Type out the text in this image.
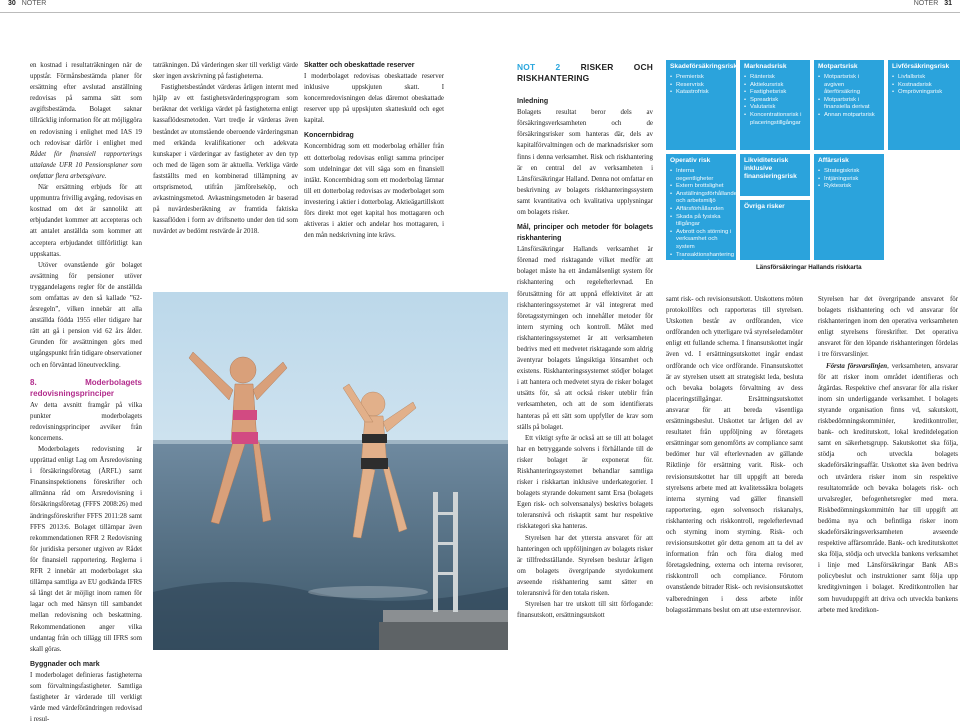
30 NOTER	NOTER 31

en kostnad i resultaträkningen när de uppstår. Förmånsbestämda planer för ersättning efter avslutad anställning redovisas på samma sätt som avgiftsbestämda. Bolaget saknar tillräcklig information för att möjliggöra en redovisning i enlighet med IAS 19 och redovisar därför i enlighet med Rådet för finansiell rapporterings uttalande UFR 10 Pensionsplaner som omfattar flera arbetsgivare.

När ersättning erbjuds för att uppmuntra frivillig avgång, redovisas en kostnad om det är sannolikt att erbjudandet kommer att accepteras och att antalet anställda som kommer att acceptera erbjudandet tillförlitligt kan uppskattas.

Utöver ovanstående gör bolaget avsättning för pensioner utöver tryggandelagens regler för de anställda som omfattas av den så kallade ”62-årsregeln”, vilken innebär att alla anställda födda 1955 eller tidigare har rätt att gå i pension vid 62 års ålder. Grunden för avsättningen görs med utgångspunkt från tidigare observationer och en förväntad löneutveckling.

8. Moderbolagets redovisningsprinciper

Av detta avsnitt framgår på vilka punkter moderbolagets redovisningsprinciper avviker från koncernens.

Moderbolagets redovisning är upprättad enligt Lag om Årsredovisning i försäkringsföretag (ÅRFL) samt Finansinspektionens föreskrifter och allmänna råd om Årsredovisning i försäkringsföretag (FFFS 2008:26) med ändringsföreskrifter FFFS 2011:28 samt FFFS 2013:6. Bolaget tillämpar även rekommendationen RFR 2 Redovisning för juridiska personer utgiven av Rådet för finansiell rapportering. Reglerna i RFR 2 innebär att moderbolaget ska tillämpa samtliga av EU godkända IFRS så långt det är möjligt inom ramen för lagar och med hänsyn till sambandet mellan redovisning och beskattning. Rekommendationen anger vilka undantag från och tillägg till IFRS som skall göras.

Byggnader och mark

I moderbolaget definieras fastigheterna som förvaltningsfastigheter. Samtliga fastigheter är värderade till verkligt värde med värdeförändringen redovisad i resul-

taträkningen. Då värderingen sker till verkligt värde sker ingen avskrivning på fastigheterna.

Fastighetsbeståndet värderas årligen internt med hjälp av ett fastighetsvärderingsprogram som beräknar det verkliga värdet på fastigheterna enligt kassaflödesmetoden. Vart tredje år värderas även beståndet av utomstående oberoende värderingsman med erkända kvalifikationer och adekvata kunskaper i värderingar av fastigheter av den typ och med de lägen som är aktuella. Verkliga värde fastställts med en kombinerad tillämpning av ortsprismetod, utifrån jämförelseköp, och avkastningsmetod. Avkastningsmetoden är baserad på nuvärdesberäkning av framtida faktiska kassaflöden i form av driftsnetto under den tid som nuvärdet av bedömt restvärde år 2018.

Skatter och obeskattade reserver

I moderbolaget redovisas obeskattade reserver inklusive uppskjuten skatt. I koncernredovisningen delas däremot obeskattade reserver upp på uppskjuten skatteskuld och eget kapital.

Koncernbidrag

Koncernbidrag som ett moderbolag erhåller från ett dotterbolag redovisas enligt samma principer som utdelningar det vill säga som en finansiell intäkt. Koncernbidrag som ett moderbolag lämnar till ett dotterbolag redovisas av moderbolaget som investering i aktier i dotterbolag. Aktieägartillskott förs direkt mot eget kapital hos mottagaren och aktiveras i aktier och andelar hos mottagaren, i den mån nedskrivning inte krävs.

NOT 2 RISKER OCH RISKHANTERING
Inledning

Bolagets resultat beror dels av försäkringsverksamheten och de försäkringsrisker som hanteras där, dels av kapitalförvaltningen och de marknadsrisker som finns i denna verksamhet. Risk och riskhantering är en central del av verksamheten i Länsförsäkringar Halland. Denna not omfattar en beskrivning av bolagets riskhanteringssystem samt kvantitativa och kvalitativa upplysningar om bolagets risker.

Mål, principer och metoder för bolagets riskhantering

Länsförsäkringar Hallands verksamhet är förenad med risktagande vilket medför att bolaget måste ha ett ändamålsenligt system för riskhantering och regelefterlevnad. En förutsättning för att uppnå effektivitet är att riskhanteringssystemet är väl integrerat med företagsstyrningen och innehåller metoder för intern styrning och kontroll. Målet med riskhanteringssystemet är att verksamheten bedrivs med ett medvetet risktagande som aldrig äventyrar bolagets långsiktiga lönsamhet och existens. Riskhanteringssystemet stödjer bolaget i att hantera och medvetet styra de risker bolaget utsätts för, så att också risker uteblir från verksamheten, och att de som identifierats hanteras på ett sätt som uppfyller de krav som ställs på bolaget.

Ett viktigt syfte är också att se till att bolaget har en betryggande solvens i förhållande till de risker bolaget är exponerat för. Riskhanteringssystemet behandlar samtliga risker i riskkartan inklusive underkategorier. I bolagets styrande dokument samt Ersa (bolagets Egen risk- och solvensanalys) beskrivs bolagets toleransnivå och riskaptit samt hur respektive riskkategori ska hanteras.

Styrelsen har det yttersta ansvaret för att hanteringen och uppföljningen av bolagets risker är tillfredsställande. Styrelsen beslutar årligen om bolagets övergripande styrdokument avseende riskhantering samt sätter en toleransnivå för den totala risken.

Styrelsen har tre utskott till sitt förfogande: finansutskott, ersättningsutskott

Länsförsäkringar Hallands riskkarta
Skadeförsäkringsrisk
• Premierisk
• Reservrisk
• Katastrofrisk
Marknadsrisk
• Ränterisk
• Aktiekursrisk
• Fastighetsrisk
• Spreadrisk
• Valutarisk
• Koncentrationsrisk i placeringstillgångar
Motpartsrisk
• Motpartsrisk i avgiven återförsäkring
• Motpartsrisk i finansiella derivat
• Annan motpartsrisk
Livförsäkringsrisk
• Livfallsrisk
• Kostnadsrisk
• Omprövningsrisk
Operativ risk
• Interna oegentligheter
• Extern brottslighet
• Anställningsförhållanden och arbetsmiljö
• Affärsförhållanden
• Skada på fysiska tillgångar
• Avbrott och störning i verksamhet och system
• Transaktionshantering och processtyrning
Likviditetsrisk inklusive finansieringsrisk
Affärsrisk
• Strategiskrisk
• Intjäningsrisk
• Ryktesrisk
Övriga risker

samt risk- och revisionsutskott. Utskottens möten protokollförs och rapporteras till styrelsen. Utskotten består av ordföranden, vice ordföranden och ytterligare två styrelseledamöter enligt ett fullande schema. I finansutskottet ingår även vd. I ersättningsutskottet ingår endast ordförande och vice ordförande. Finansutskottet är av styrelsen utsett att strategiskt leda, besluta och bevaka bolagets förvaltning av dess placeringstillgångar. Ersättningsutskottet ansvarar för att bereda väsentliga ersättningsbeslut. Utskottet tar årligen del av resultatet från uppföljning av företagets ersättningar som genomförts av compliance samt bedömer hur väl efterlevnaden av gällande Riktlinje för ersättning varit. Risk- och revisionsutskottet har till uppgift att bereda styrelsens arbete med att kvalitetssäkra bolagets interna styrning vad gäller finansiell rapportering, egen solvensoch riskanalys, riskhantering och riskkontroll, regelefterlevnad och styrning inom styrning. Risk- och revisionsutskottet gör detta genom att ta del av information från och föra dialog med företagsledning, externa och interna revisorer, riskkontroll och compliance. Förutom ovanstående bitrader Risk- och revisionsutskottet valberedningen i dess arbete inför bolagsstämmans beslut om att utse externrevisor.

Styrelsen har det övergripande ansvaret för bolagets riskhantering och vd ansvarar för riskhanteringen inom den operativa verksamheten enligt styrelsens föreskrifter. Det operativa ansvaret för den löpande riskhanteringen fördelas i tre försvarslinjer.

Första försvarslinjen, verksamheten, ansvarar för att risker inom området identifieras och åtgärdas. Respektive chef ansvarar för alla risker inom sin underliggande verksamhet. I bolagets styrande organisation finns vd, sakutskott, riskbedömningskommittéer, kreditkontroller, bank- och kreditutskott, lokal kreditdelegation samt en säkerhetsgrupp. Sakutskottet ska följa, stödja och utveckla bolagets skadeförsäkringsaffär. Utskottet ska även bedriva och utvärdera risker inom sin respektive resultatområde och bevaka bolagets risk- och urvalsregler, befogenhetsregler med mera. Riskbedömningskommittén har till uppgift att bedöma nya och befintliga risker inom skadeförsäkringsverksamheten avseende respektive affärsområde. Bank- och kreditutskottet ska följa, stödja och utveckla bankens verksamhet i linje med Länsförsäkringar Bank AB:s policybeslut och instruktioner samt följa upp kreditgivningen i bolaget. Kreditkontrollen har som huvuduppgift att driva och utveckla bankens arbete med kreditkon-
